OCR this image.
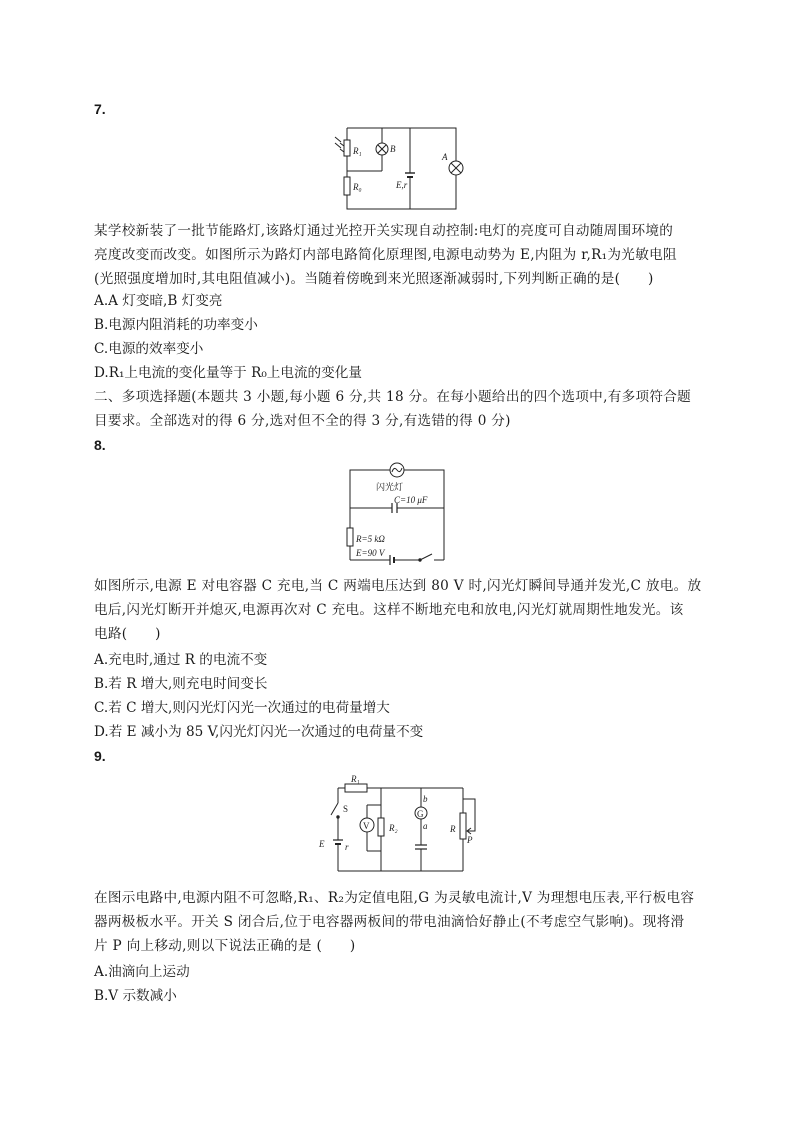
7.
R₁	B
R₀	E,r
A
某学校新装了一批节能路灯,该路灯通过光控开关实现自动控制:电灯的亮度可自动随周围环境的
亮度改变而改变。如图所示为路灯内部电路简化原理图,电源电动势为 E,内阻为 r,R₁为光敏电阻
(光照强度增加时,其电阻值减小)。当随着傍晚到来光照逐渐减弱时,下列判断正确的是(　　)
A.A 灯变暗,B 灯变亮
B.电源内阻消耗的功率变小
C.电源的效率变小
D.R₁上电流的变化量等于 R₀上电流的变化量
二、多项选择题(本题共 3 小题,每小题 6 分,共 18 分。在每小题给出的四个选项中,有多项符合题
目要求。全部选对的得 6 分,选对但不全的得 3 分,有选错的得 0 分)
8.
闪光灯
C=10 μF
R=5 kΩ
E=90 V
如图所示,电源 E 对电容器 C 充电,当 C 两端电压达到 80 V 时,闪光灯瞬间导通并发光,C 放电。放
电后,闪光灯断开并熄灭,电源再次对 C 充电。这样不断地充电和放电,闪光灯就周期性地发光。该
电路(　　)
A.充电时,通过 R 的电流不变
B.若 R 增大,则充电时间变长
C.若 C 增大,则闪光灯闪光一次通过的电荷量增大
D.若 E 减小为 85 V,闪光灯闪光一次通过的电荷量不变
9.
R₁
S
E r
V R₂
G
b
a	R
P
在图示电路中,电源内阻不可忽略,R₁、R₂为定值电阻,G 为灵敏电流计,V 为理想电压表,平行板电容
器两极板水平。开关 S 闭合后,位于电容器两板间的带电油滴恰好静止(不考虑空气影响)。现将滑
片 P 向上移动,则以下说法正确的是 (　　)
A.油滴向上运动
B.V 示数减小
